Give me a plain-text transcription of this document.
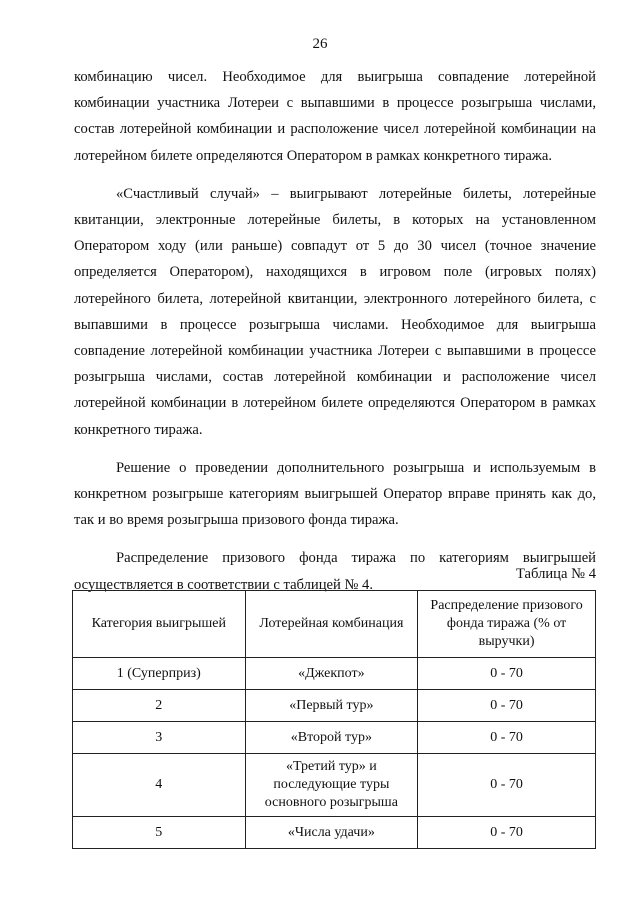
26

комбинацию чисел. Необходимое для выигрыша совпадение лотерейной комбинации участника Лотереи с выпавшими в процессе розыгрыша числами, состав лотерейной комбинации и расположение чисел лотерейной комбинации на лотерейном билете определяются Оператором в рамках конкретного тиража.

«Счастливый случай» – выигрывают лотерейные билеты, лотерейные квитанции, электронные лотерейные билеты, в которых на установленном Оператором ходу (или раньше) совпадут от 5 до 30 чисел (точное значение определяется Оператором), находящихся в игровом поле (игровых полях) лотерейного билета, лотерейной квитанции, электронного лотерейного билета, с выпавшими в процессе розыгрыша числами. Необходимое для выигрыша совпадение лотерейной комбинации участника Лотереи с выпавшими в процессе розыгрыша числами, состав лотерейной комбинации и расположение чисел лотерейной комбинации в лотерейном билете определяются Оператором в рамках конкретного тиража.

Решение о проведении дополнительного розыгрыша и используемым в конкретном розыгрыше категориям выигрышей Оператор вправе принять как до, так и во время розыгрыша призового фонда тиража.

Распределение призового фонда тиража по категориям выигрышей осуществляется в соответствии с таблицей № 4.

Таблица № 4
Категория выигрышей	Лотерейная комбинация	Распределение призового фонда тиража (% от выручки)
1 (Суперприз)	«Джекпот»	0 - 70
2	«Первый тур»	0 - 70
3	«Второй тур»	0 - 70
4	«Третий тур» и последующие туры основного розыгрыша	0 - 70
5	«Числа удачи»	0 - 70
